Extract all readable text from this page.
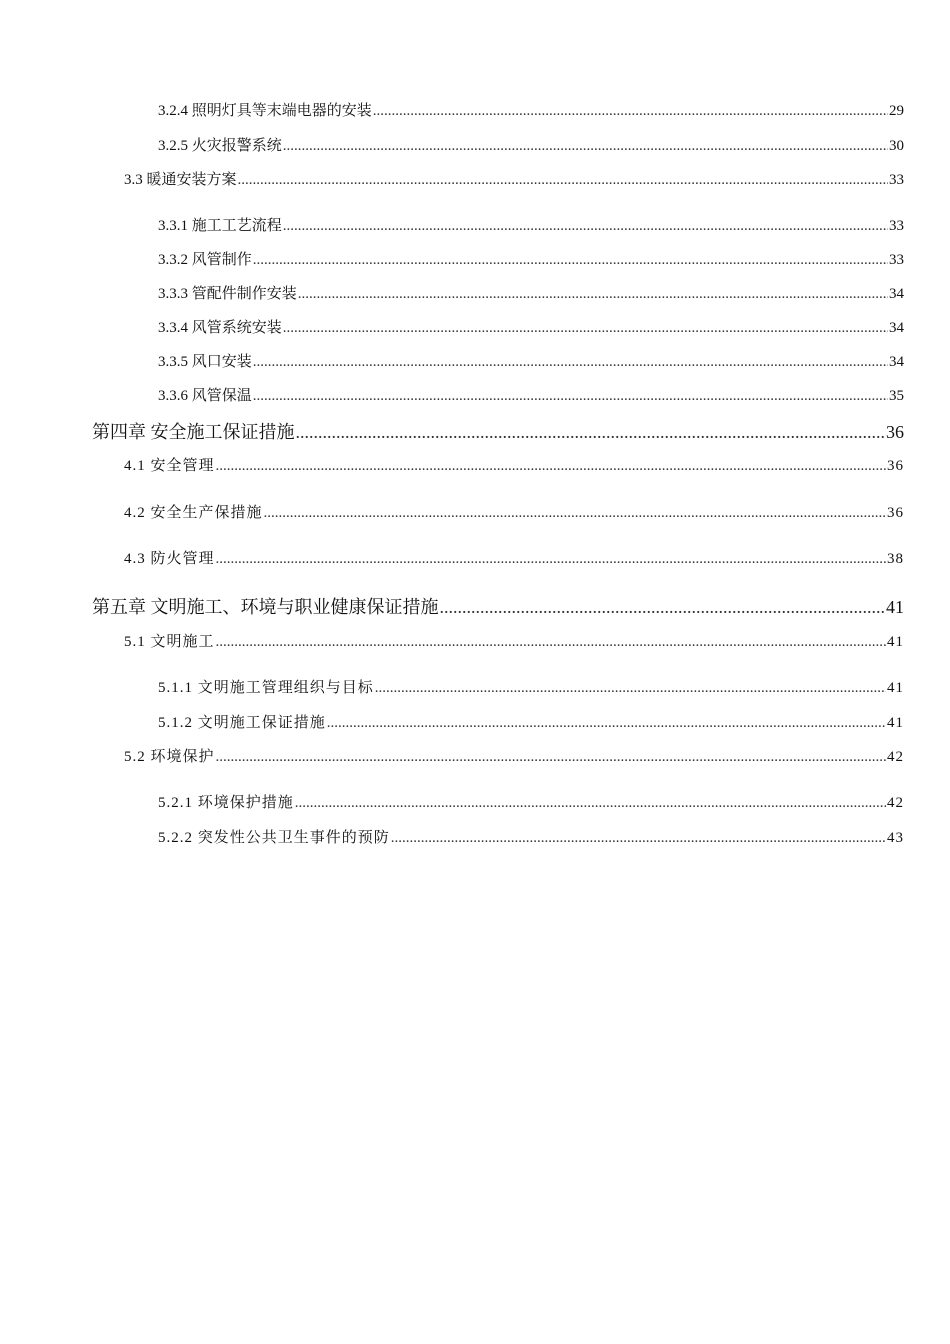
3.2.4 照明灯具等末端电器的安装 .....	29
3.2.5 火灾报警系统 .....	30
3.3 暖通安装方案 .....	33
3.3.1 施工工艺流程 .....	33
3.3.2 风管制作 .....	33
3.3.3 管配件制作安装 .....	34
3.3.4 风管系统安装 .....	34
3.3.5 风口安装 .....	34
3.3.6 风管保温 .....	35
第四章 安全施工保证措施 .....	36
4.1 安全管理 .....	36
4.2 安全生产保措施 .....	36
4.3 防火管理 .....	38
第五章 文明施工、环境与职业健康保证措施 .....	41
5.1 文明施工 .....	41
5.1.1 文明施工管理组织与目标 .....	41
5.1.2 文明施工保证措施 .....	41
5.2 环境保护 .....	42
5.2.1 环境保护措施 .....	42
5.2.2 突发性公共卫生事件的预防 .....	43
